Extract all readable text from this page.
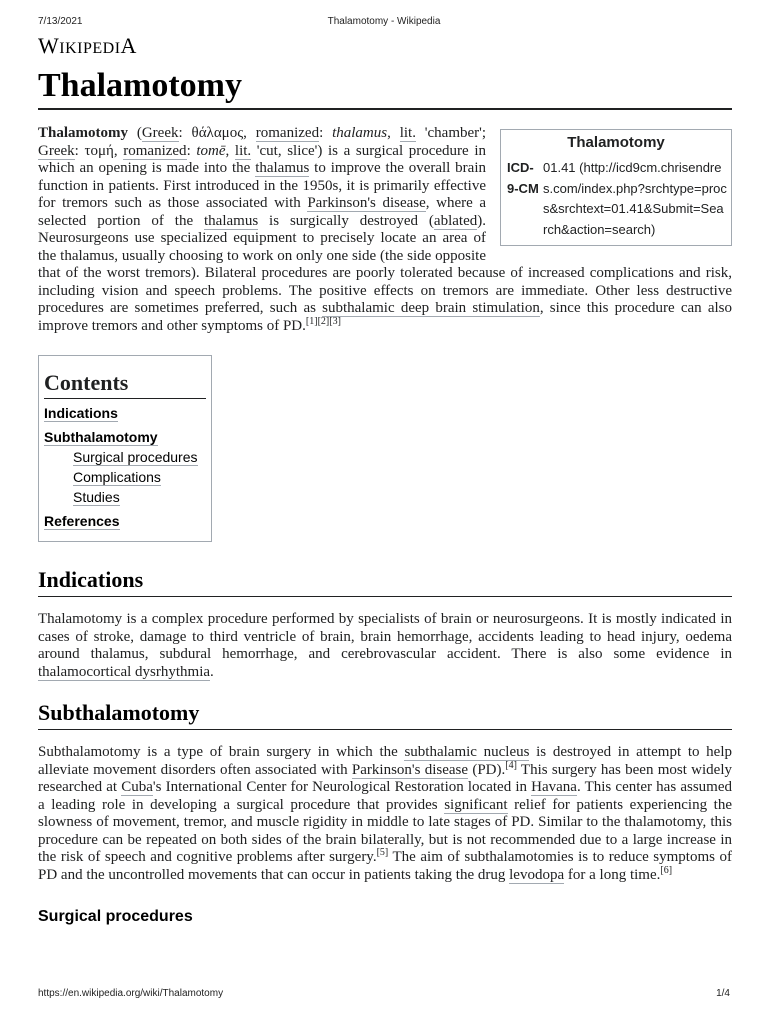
7/13/2021	Thalamotomy - Wikipedia
WIKIPEDIA
Thalamotomy
Thalamotomy
ICD-9-CM
01.41 (http://icd9cm.chrisendres.com/index.php?srchtype=procs&srchtext=01.41&Submit=Search&action=search)

Thalamotomy (Greek: θάλαμος, romanized: thalamus, lit. 'chamber'; Greek: τομή, romanized: tomē, lit. 'cut, slice') is a surgical procedure in which an opening is made into the thalamus to improve the overall brain function in patients. First introduced in the 1950s, it is primarily effective for tremors such as those associated with Parkinson's disease, where a selected portion of the thalamus is surgically destroyed (ablated). Neurosurgeons use specialized equipment to precisely locate an area of the thalamus, usually choosing to work on only one side (the side opposite that of the worst tremors). Bilateral procedures are poorly tolerated because of increased complications and risk, including vision and speech problems. The positive effects on tremors are immediate. Other less destructive procedures are sometimes preferred, such as subthalamic deep brain stimulation, since this procedure can also improve tremors and other symptoms of PD.[1][2][3]

Contents
Indications
Subthalamotomy
Surgical procedures
Complications
Studies
References
Indications

Thalamotomy is a complex procedure performed by specialists of brain or neurosurgeons. It is mostly indicated in cases of stroke, damage to third ventricle of brain, brain hemorrhage, accidents leading to head injury, oedema around thalamus, subdural hemorrhage, and cerebrovascular accident. There is also some evidence in thalamocortical dysrhythmia.

Subthalamotomy

Subthalamotomy is a type of brain surgery in which the subthalamic nucleus is destroyed in attempt to help alleviate movement disorders often associated with Parkinson's disease (PD).[4] This surgery has been most widely researched at Cuba's International Center for Neurological Restoration located in Havana. This center has assumed a leading role in developing a surgical procedure that provides significant relief for patients experiencing the slowness of movement, tremor, and muscle rigidity in middle to late stages of PD. Similar to the thalamotomy, this procedure can be repeated on both sides of the brain bilaterally, but is not recommended due to a large increase in the risk of speech and cognitive problems after surgery.[5] The aim of subthalamotomies is to reduce symptoms of PD and the uncontrolled movements that can occur in patients taking the drug levodopa for a long time.[6]

Surgical procedures
https://en.wikipedia.org/wiki/Thalamotomy	1/4
